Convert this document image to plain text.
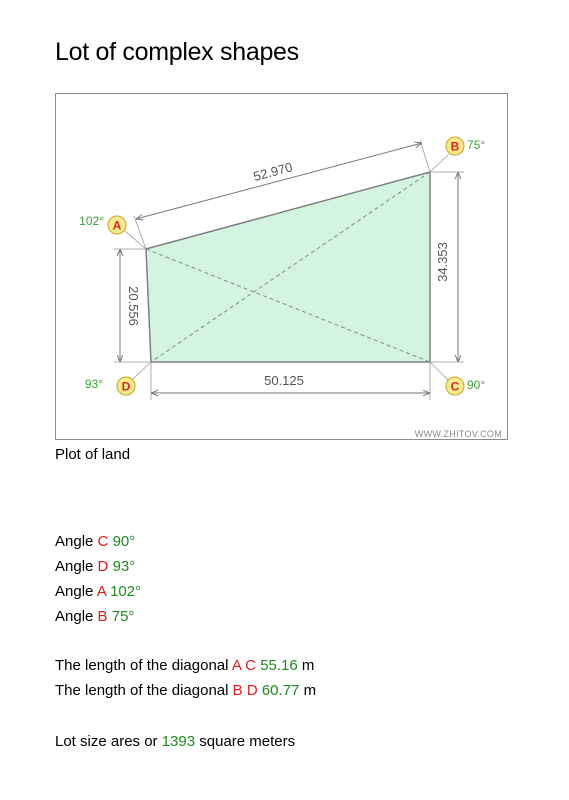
Lot of complex shapes
52.970
34.353
50.125
20.556
A
102°
B 75°
C 90°
D
93°
WWW.ZHITOV.COM
Plot of land
Angle C 90°
Angle D 93°
Angle A 102°
Angle B 75°
The length of the diagonal A C 55.16 m
The length of the diagonal B D 60.77 m
Lot size ares or 1393 square meters
